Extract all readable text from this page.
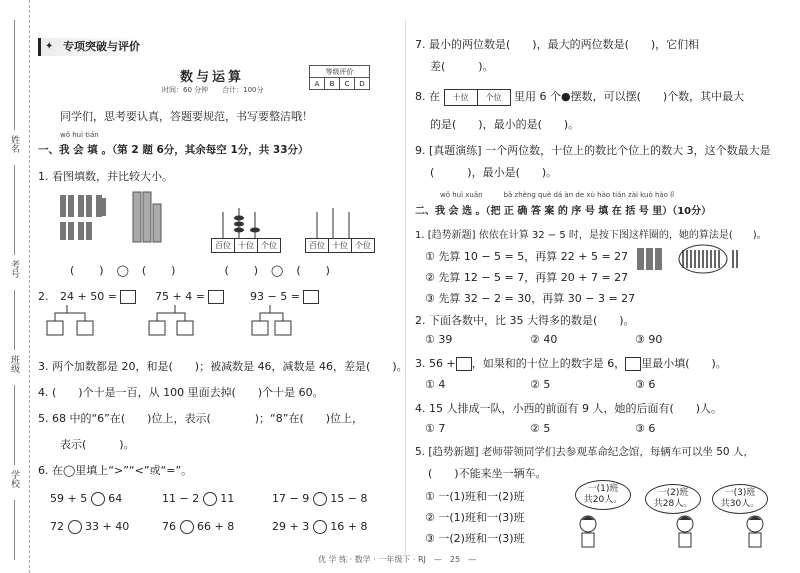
姓名
考号
班级
学校
✦ 专项突破与评价
数与运算
时间：60 分钟　　合计：100分
等级评价
A	B	C	D
同学们，思考要认真，答题要规范，书写要整洁哦！
wǒ huì tián
一、我 会 填 。（第 2 题 6分，其余每空 1分，共 33分）
1. 看图填数，并比较大小。
百位 十位 个位	百位 十位 个位
(　　)　◯　(　　)　　　　(　　)　◯　(　　)
2. 24 + 50 =	75 + 4 =	93 − 5 =
3. 两个加数都是 20，和是(　　)；被减数是 46，减数是 46，差是(　　)。
4. (　　)个十是一百，从 100 里面去掉(　　)个十是 60。
5. 68 中的“6”在(　　)位上，表示(　　　　)；“8”在(　　)位上，
表示(　　　)。
6. 在◯里填上“>”“<”或“=”。
59 + 5 64	11 − 2 11	17 − 9 15 − 8
72 33 + 40	76 66 + 8	29 + 3 16 + 8
7. 最小的两位数是(　　)，最大的两位数是(　　)，它们相
差(　　　)。
8. 在	十位	个位	里用 6 个●摆数，可以摆(　　)个数，其中最大
的是(　　)，最小的是(　　)。
9. [真题演练] 一个两位数，十位上的数比个位上的数大 3，这个数最大是
(　　　)，最小是(　　)。
wǒ huì xuǎn　　　bǎ zhèng què dá àn de xù hào tián zài kuò hào lǐ
二、我 会 选 。（把 正 确 答 案 的 序 号 填 在 括 号 里）（10分）
1. [趋势新题] 依依在计算 32 − 5 时，是按下图这样圈的，她的算法是(　　)。
① 先算 10 − 5 = 5，再算 22 + 5 = 27
② 先算 12 − 5 = 7，再算 20 + 7 = 27
③ 先算 32 − 2 = 30，再算 30 − 3 = 27
2. 下面各数中，比 35 大得多的数是(　　)。
① 39	② 40	③ 90
3. 56 + ，如果和的十位上的数字是 6， 里最小填(　　)。
① 4	② 5	③ 6
4. 15 人排成一队，小西的前面有 9 人，她的后面有(　　)人。
① 7	② 5	③ 6
5. [趋势新题] 老师带领同学们去参观革命纪念馆，每辆车可以坐 50 人，
(　　)不能来坐一辆车。
① 一(1)班和一(2)班
② 一(1)班和一(3)班
③ 一(2)班和一(3)班
一(1)班
共20人。
一(2)班
共28人。
一(3)班
共30人。
优 学 练 · 数学 · 一年级下 · RJ　—　25　—
